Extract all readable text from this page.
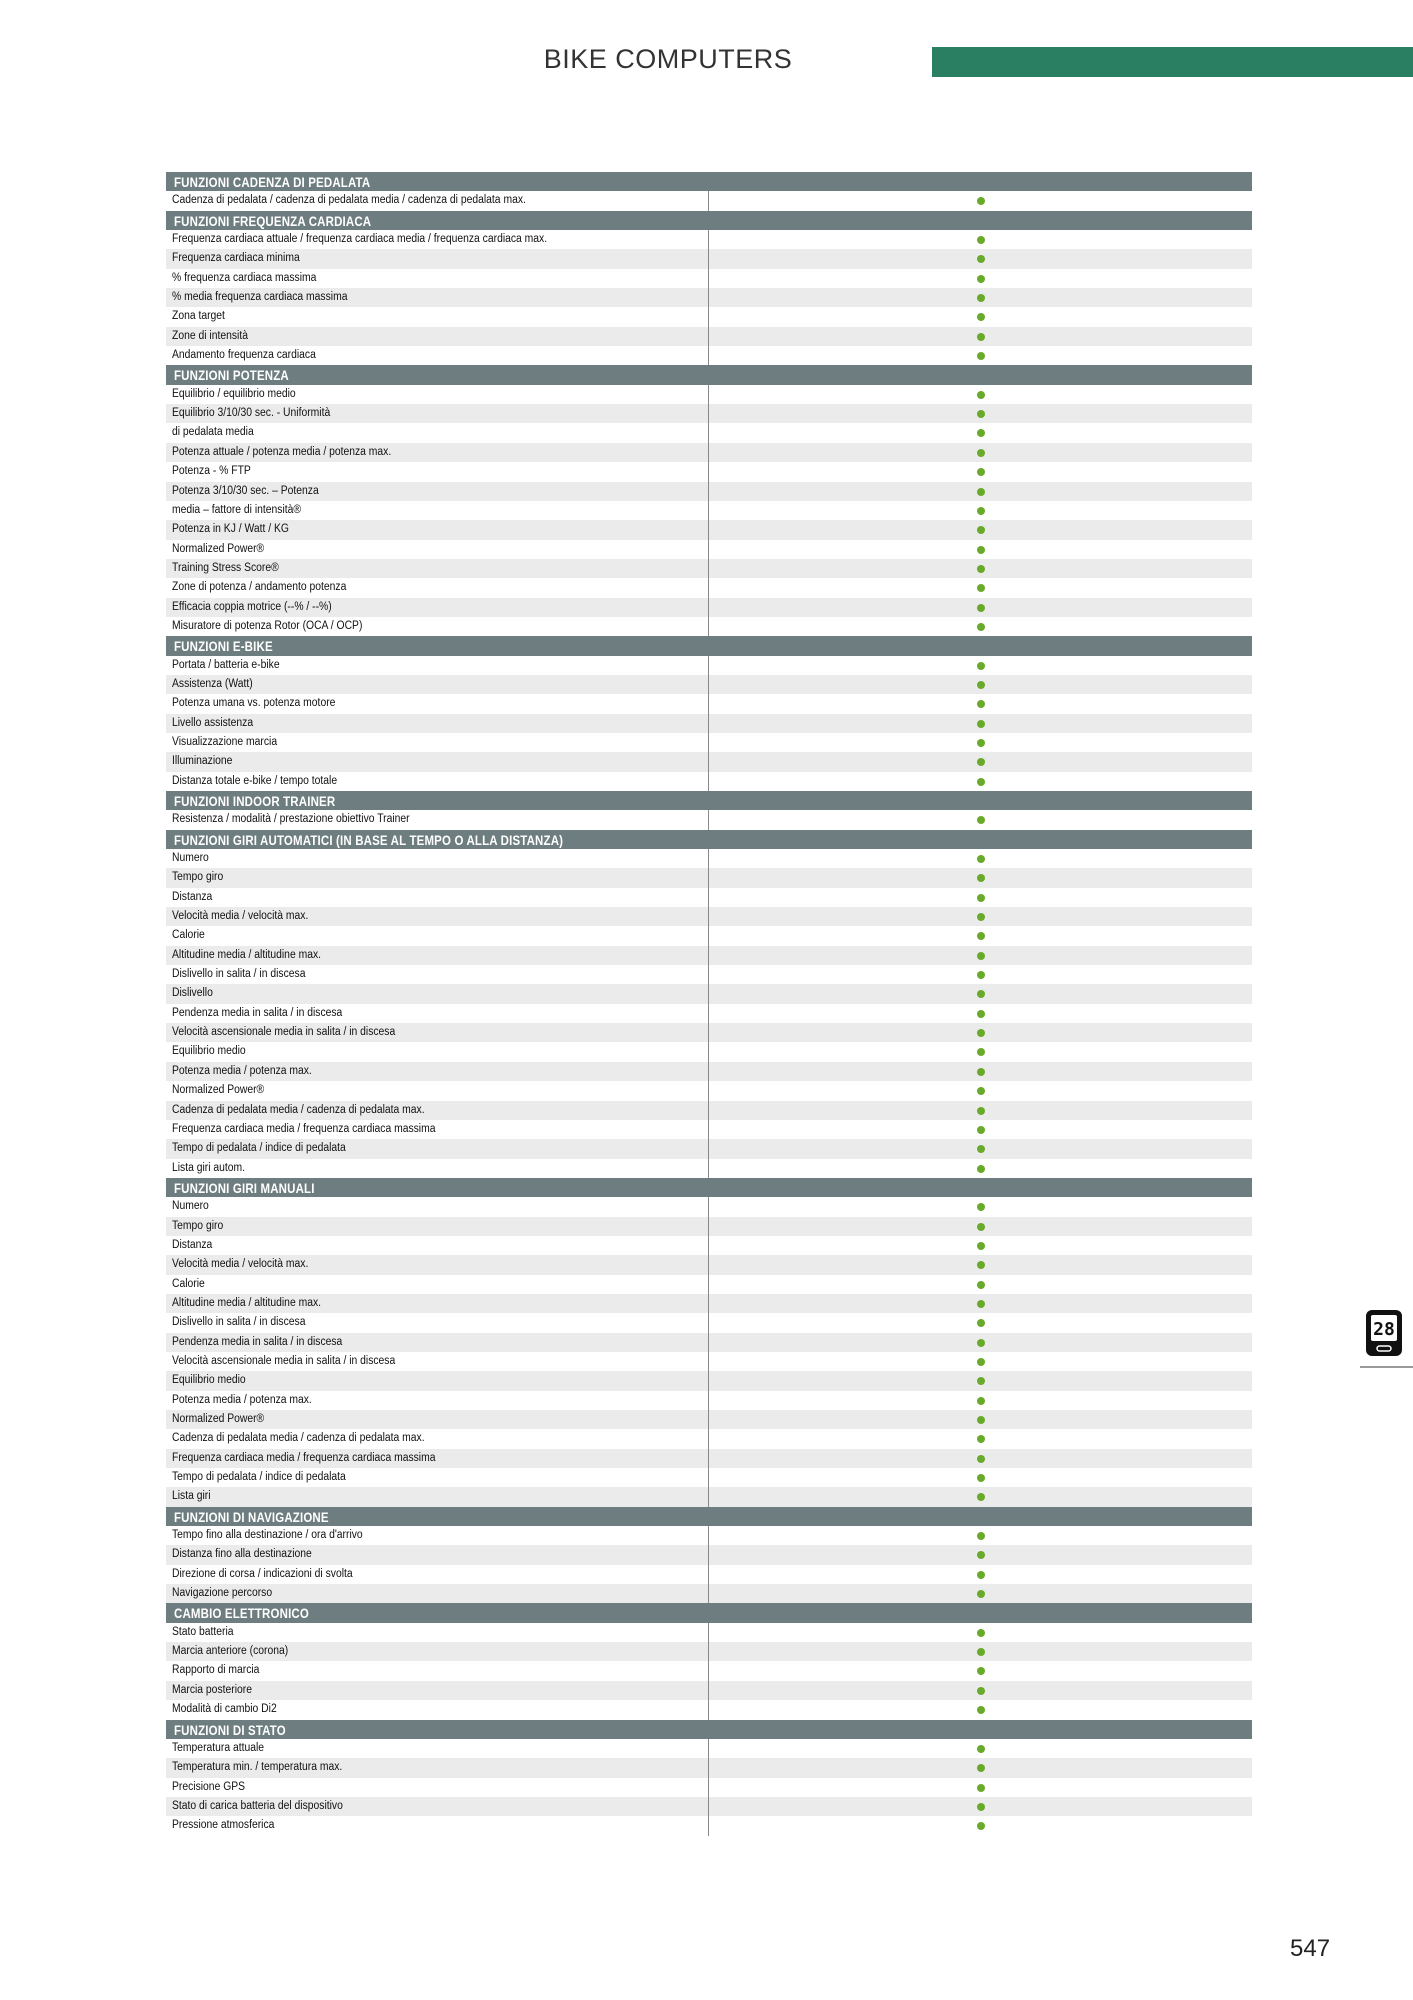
BIKE COMPUTERS
FUNZIONI CADENZA DI PEDALATA
Cadenza di pedalata / cadenza di pedalata media / cadenza di pedalata max.
FUNZIONI FREQUENZA CARDIACA
Frequenza cardiaca attuale / frequenza cardiaca media / frequenza cardiaca max.
Frequenza cardiaca minima
% frequenza cardiaca massima
% media frequenza cardiaca massima
Zona target
Zone di intensità
Andamento frequenza cardiaca
FUNZIONI POTENZA
Equilibrio / equilibrio medio
Equilibrio 3/10/30 sec. - Uniformità
di pedalata media
Potenza attuale / potenza media / potenza max.
Potenza - % FTP
Potenza 3/10/30 sec. – Potenza
media – fattore di intensità®
Potenza in KJ / Watt / KG
Normalized Power®
Training Stress Score®
Zone di potenza / andamento potenza
Efficacia coppia motrice (--% / --%)
Misuratore di potenza Rotor (OCA / OCP)
FUNZIONI E-BIKE
Portata / batteria e-bike
Assistenza (Watt)
Potenza umana vs. potenza motore
Livello assistenza
Visualizzazione marcia
Illuminazione
Distanza totale e-bike / tempo totale
FUNZIONI INDOOR TRAINER
Resistenza / modalità / prestazione obiettivo Trainer
FUNZIONI GIRI AUTOMATICI (IN BASE AL TEMPO O ALLA DISTANZA)
Numero
Tempo giro
Distanza
Velocità media / velocità max.
Calorie
Altitudine media / altitudine max.
Dislivello in salita / in discesa
Dislivello
Pendenza media in salita / in discesa
Velocità ascensionale media in salita / in discesa
Equilibrio medio
Potenza media / potenza max.
Normalized Power®
Cadenza di pedalata media / cadenza di pedalata max.
Frequenza cardiaca media / frequenza cardiaca massima
Tempo di pedalata / indice di pedalata
Lista giri autom.
FUNZIONI GIRI MANUALI
Numero
Tempo giro
Distanza
Velocità media / velocità max.
Calorie
Altitudine media / altitudine max.
Dislivello in salita / in discesa
Pendenza media in salita / in discesa
Velocità ascensionale media in salita / in discesa
Equilibrio medio
Potenza media / potenza max.
Normalized Power®
Cadenza di pedalata media / cadenza di pedalata max.
Frequenza cardiaca media / frequenza cardiaca massima
Tempo di pedalata / indice di pedalata
Lista giri
FUNZIONI DI NAVIGAZIONE
Tempo fino alla destinazione / ora d'arrivo
Distanza fino alla destinazione
Direzione di corsa / indicazioni di svolta
Navigazione percorso
CAMBIO ELETTRONICO
Stato batteria
Marcia anteriore (corona)
Rapporto di marcia
Marcia posteriore
Modalità di cambio Di2
FUNZIONI DI STATO
Temperatura attuale
Temperatura min. / temperatura max.
Precisione GPS
Stato di carica batteria del dispositivo
Pressione atmosferica
28
547
